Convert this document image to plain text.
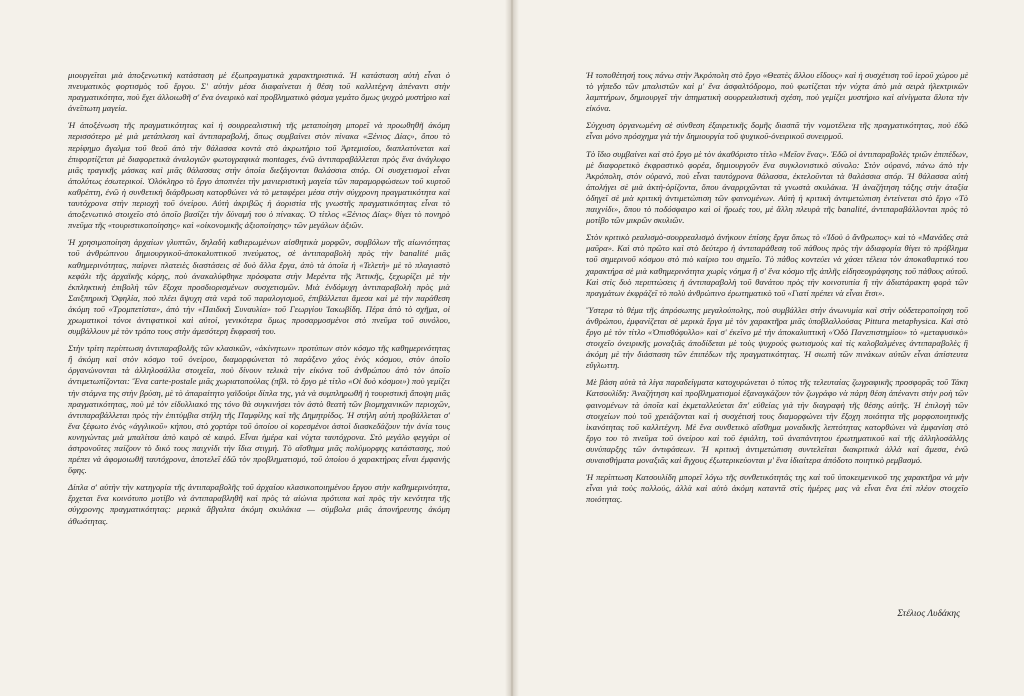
μιουργεῖται μιὰ ἀποξενωτικὴ κατάσταση μὲ ἐξωπραγματικὰ χαρακτηριστικά. Ἡ κατάσταση αὐτὴ εἶναι ὁ πνευματικὸς φορτισμὸς τοῦ ἔργου. Σ' αὐτὴν μέσα διαφαίνεται ἡ θέση τοῦ καλλιτέχνη ἀπέναντι στὴν πραγματικότητα, ποὺ ἔχει ἀλλοιωθῆ σ' ἕνα ὀνειρικὸ καὶ προβληματικὸ φάσμα γεμάτο ὅμως ψυχρὸ μυστήριο καὶ ἀνεῖπωτη μαγεία.

Ἡ ἀποξένωση τῆς πραγματικότητας καὶ ἡ σουρρεαλιστικὴ τῆς μεταποίηση μπορεῖ νὰ προωθηθῆ ἀκόμη περισσότερο μὲ μιὰ μετάπλαση καὶ ἀντιπαραβολή, ὅπως συμβαίνει στὸν πίνακα «Ξένιος Δίας», ὅπου τὸ περίφημο ἄγαλμα τοῦ θεοῦ ἀπὸ τὴν θάλασσα κοντὰ στὸ ἀκρωτήριο τοῦ Ἀρτεμισίου, διαπλατύνεται καὶ ἐπιφορτίζεται μὲ διαφορετικὰ ἀναλογιῶν φωτογραφικὰ montages, ἐνῶ ἀντιπαραβάλλεται πρὸς ἕνα ἀνάγλυφο μιᾶς τραγικῆς μάσκας καὶ μιᾶς θάλασσας στὴν ὁποία διεξάγονται θαλάσσια σπόρ. Οἱ συσχετισμοὶ εἶναι ἀπολύτως ἐσωτερικοί. Ὁλόκληρο τὸ ἔργο ἀποπνέει τὴν μανιεριστικὴ μαγεία τῶν παραμορφώσεων τοῦ κυρτοῦ καθρέπτη, ἐνῶ ἡ συνθετικὴ διάρθρωση κατορθώνει νὰ τὸ μεταφέρει μέσα στὴν σύγχρονη πραγματικότητα καὶ ταυτόχρονα στὴν περιοχὴ τοῦ ὀνείρου. Αὐτὴ ἀκριβῶς ἡ ἀοριστία τῆς γνωστῆς πραγματικότητας εἶναι τὸ ἀποξενωτικὸ στοιχεῖο στὸ ὁποῖο βασίζει τὴν δύναμή του ὁ πίνακας. Ὁ τίτλος «Ξένιος Δίας» θίγει τὸ πονηρὸ πνεῦμα τῆς «τουριστικοποίησης» καὶ «οἰκονομικῆς ἀξιοποίησης» τῶν μεγάλων ἀξιῶν.

Ἡ χρησιμοποίηση ἀρχαίων γλυπτῶν, δηλαδὴ καθιερωμένων αἰσθητικὰ μορφῶν, συμβόλων τῆς αἰωνιότητας τοῦ ἀνθρώπινου δημιουργικοῦ-ἀποκαλυπτικοῦ πνεύματος, σὲ ἀντιπαραβολὴ πρὸς τὴν banalité μιᾶς καθημερινότητας, παίρνει πλατειὲς διαστάσεις σὲ δυὸ ἄλλα ἔργα, ἀπὸ τὰ ὁποῖα ἡ «Τελετὴ» μὲ τὸ πλαγιαστὸ κεφάλι τῆς ἀρχαϊκῆς κόρης, ποὺ ἀνακαλύφθηκε πρόσφατα στὴν Μερέντα τῆς Ἀττικῆς, ξεχωρίζει μὲ τὴν ἐκπληκτικὴ ἐπιβολὴ τῶν ἔξοχα προσδιορισμένων συσχετισμῶν. Μιὰ ἐνδόμυχη ἀντιπαραβολὴ πρὸς μιὰ Σαιξπηρικὴ Ὀφηλία, ποὺ πλέει ἄψυχη στὰ νερά τοῦ παραλογισμοῦ, ἐπιβάλλεται ἄμεσα καὶ μὲ τὴν παράθεση ἀκόμη τοῦ «Τρομπετίστα», ἀπὸ τὴν «Παιδικὴ Συναυλία» τοῦ Γεωργίου Ἰακωβίδη. Πέρα ἀπὸ τὸ σχῆμα, οἱ χρωματικοὶ τόνοι ἀντιφατικοὶ καὶ αὐτοί, γενικότερα ὅμως προσαρμοσμένοι στὸ πνεῦμα τοῦ συνόλου, συμβάλλουν μὲ τὸν τρόπο τους στὴν ἀμεσότερη ἔκφρασή του.

Στὴν τρίτη περίπτωση ἀντιπαραβολῆς τῶν κλασικῶν, «ἀκίνητων» προτύπων στὸν κόσμο τῆς καθημερινότητας ἢ ἀκόμη καὶ στὸν κόσμο τοῦ ὀνείρου, διαμορφώνεται τὸ παράξενο χάος ἑνὸς κόσμου, στὸν ὁποῖο ὀργανώνονται τὰ ἀλληλοσάλλα στοιχεῖα, ποὺ δίνουν τελικὰ τὴν εἰκόνα τοῦ ἀνθρώπου ἀπὸ τὸν ὁποῖο ἀντιμετωπίζονται: Ἕνα carte-postale μιᾶς χωριατοπούλας (πβλ. τὸ ἔργο μὲ τίτλο «Οἱ δυὸ κόσμοι») ποὺ γεμίζει τὴν στάμνα της στὴν βρύση, μὲ τὸ ἀπαραίτητο γαϊδούρι δίπλα της, γιὰ νὰ συμπληρωθῆ ἡ τουριστικὴ ἄποψη μιᾶς πραγματικότητας, ποὺ μὲ τὸν εἰδυλλιακό της τόνο θὰ συγκινήσει τὸν ἀστὸ θεατὴ τῶν βιομηχανικῶν περιοχῶν, ἀντιπαραβάλλεται πρὸς τὴν ἐπιτύμβια στήλη τῆς Παμφίλης καὶ τῆς Δημητρίδος. Ἡ στήλη αὐτὴ προβάλλεται σ' ἕνα ξέφωτο ἑνὸς «ἀγγλικοῦ» κήπου, στὸ χορτάρι τοῦ ὁποίου οἱ κορεσμένοι ἀστοὶ διασκεδάζουν τὴν ἀνία τους κυνηγώντας μιὰ μπαλίτσα ἀπὸ καιρὸ σὲ καιρό. Εἶναι ἡμέρα καὶ νύχτα ταυτόχρονα. Στὸ μεγάλο φεγγάρι οἱ ἀστρονοῦτες παίζουν τὸ δικό τους παιχνίδι τὴν ἴδια στιγμή. Τὸ αἴσθημα μιᾶς πολύμορφης κατάστασης, ποὺ πρέπει νὰ ἀφομοιωθῆ ταυτόχρονα, ἀποτελεῖ ἐδῶ τὸν προβληματισμό, τοῦ ὁποίου ὁ χαρακτήρας εἶναι ἐμφανὴς ὕφης.

Δίπλα σ' αὐτὴν τὴν κατηγορία τῆς ἀντιπαραβολῆς τοῦ ἀρχαίου κλασικοποιημένου ἔργου στὴν καθημερινότητα, ἔρχεται ἕνα κοινότυπο μοτίβο νὰ ἀντιπαραβληθῆ καὶ πρὸς τὰ αἰώνια πρότυπα καὶ πρὸς τὴν κενότητα τῆς σύγχρονης πραγματικότητας: μερικὰ ἄβγαλτα ἀκόμη σκυλάκια — σύμβολα μιᾶς ἀπονήρευτης ἀκόμη ἀθωότητας.

Ἡ τοποθέτησή τους πάνω στὴν Ἀκρόπολη στὸ ἔργο «Θεατὲς ἄλλου εἴδους» καὶ ἡ συσχέτιση τοῦ ἱεροῦ χώρου μὲ τὸ γήπεδο τῶν μπαλιστῶν καὶ μ' ἕνα ἀσφαλτόδρομο, ποὺ φωτίζεται τὴν νύχτα ἀπὸ μιὰ σειρὰ ἠλεκτρικῶν λαμπτήρων, δημιουργεῖ τὴν ἀπηματικὴ σουρρεαλιστικὴ σχέση, ποὺ γεμίζει μυστήριο καὶ αἰνίγματα ἄλυτα τὴν εἰκόνα.

Σύγχυση ὀργανωμένη σὲ σύνθεση ἐξαιρετικῆς δομῆς διασπᾶ τὴν νομοτέλεια τῆς πραγματικότητας, ποὺ ἐδῶ εἶναι μόνο πρόσχημα γιὰ τὴν δημιουργία τοῦ ψυχικοῦ-ὀνειρικοῦ συνειρμοῦ.

Τὸ ἴδιο συμβαίνει καὶ στὸ ἔργο μὲ τὸν ἀκαθόριστο τίτλο «Μεῖον ἕνας». Ἐδῶ οἱ ἀντιπαραβολὲς τριῶν ἐπιπέδων, μὲ διαφορετικὸ ἐκφραστικὸ φορέα, δημιουργοῦν ἕνα συγκλονιστικὸ σύνολο: Στὸν οὐρανό, πάνω ἀπὸ τὴν Ἀκρόπολη, στὸν οὐρανό, ποὺ εἶναι ταυτόχρονα θάλασσα, ἐκτελοῦνται τὰ θαλάσσια σπόρ. Ἡ θάλασσα αὐτὴ ἀπολήγει σὲ μιὰ ἀκτὴ-ὁρίζοντα, ὅπου ἀναρριχῶνται τὰ γνωστὰ σκυλάκια. Ἡ ἀναζήτηση τάξης στὴν ἀταξία ὁδηγεῖ σὲ μιὰ κριτικὴ ἀντιμετώπιση τῶν φαινομένων. Αὐτὴ ἡ κριτικὴ ἀντιμετώπιση ἐντείνεται στὸ ἔργο «Τὸ παιχνίδι», ὅπου τὸ ποδόσφαιρο καὶ οἱ ἥρωές του, μὲ ἄλλη πλευρὰ τῆς banalité, ἀντιπαραβάλλονται πρὸς τὸ μοτίβο τῶν μικρῶν σκυλιῶν.

Στὸν κριτικὸ ρεαλισμὸ-σουρρεαλισμὸ ἀνήκουν ἐπίσης ἔργα ὅπως τὸ «Ἰδοὺ ὁ ἄνθρωπος» καὶ τὸ «Μανάδες στὰ μαῦρα». Καὶ στὸ πρῶτο καὶ στὸ δεύτερο ἡ ἀντιπαράθεση τοῦ πάθους πρὸς τὴν ἀδιαφορία θίγει τὸ πρόβλημα τοῦ σημερινοῦ κόσμου στὸ πιὸ καίριο του σημεῖο. Τὸ πάθος κοντεύει νὰ χάσει τέλεια τὸν ἀποκαθαρτικό του χαρακτήρα σὲ μιὰ καθημερινότητα χωρὶς νόημα ἢ σ' ἕνα κόσμο τῆς ἁπλῆς εἰδησεογράφησης τοῦ πάθους αὐτοῦ. Καὶ στὶς δυὸ περιπτώσεις ἡ ἀντιπαραβολὴ τοῦ θανάτου πρὸς τὴν κοινοτυπία ἢ τὴν ἀδιατάρακτη φορὰ τῶν πραγμάτων ἐκφράζεῖ τὸ πολὺ ἀνθρώπινο ἐρωτηματικὸ τοῦ «Γιατί πρέπει νὰ εἶναι ἔτσι».

Ὕστερα τὸ θέμα τῆς ἀπρόσωπης μεγαλούπολης, ποὺ συμβάλλει στὴν ἀνωνυμία καὶ στὴν οὐδετεροποίηση τοῦ ἀνθρώπου, ἐμφανίζεται σὲ μερικὰ ἔργα μὲ τὸν χαρακτῆρα μιᾶς ὑποβλαλλούσας Pittura metaphysica. Καὶ στὸ ἔργο μὲ τὸν τίτλο «Ὀπισθόφυλλο» καὶ σ' ἐκεῖνο μὲ τὴν ἀποκαλυπτικὴ «Ὁδὸ Πανεπιστημίου» τὸ «μεταφυσικὸ» στοιχεῖο ὀνειρικῆς μοναξιᾶς ἀποδίδεται μὲ τοὺς ψυχροὺς φωτισμοὺς καὶ τὶς καλοβαλμένες ἀντιπαραβολὲς ἢ ἀκόμη μὲ τὴν διάσπαση τῶν ἐπιπέδων τῆς πραγματικότητας. Ἡ σιωπὴ τῶν πινάκων αὐτῶν εἶναι ἀπίστευτα εὔγλωττη.

Μὲ βάση αὐτὰ τὰ λίγα παραδείγματα κατοχυρώνεται ὁ τύπος τῆς τελευταίας ζωγραφικῆς προσφορᾶς τοῦ Τάκη Κατσουλίδη: Ἀναζήτηση καὶ προβληματισμοὶ ἐξαναγκάζουν τὸν ζωγράφο νὰ πάρη θέση ἀπέναντι στὴν ροὴ τῶν φαινομένων τὰ ὁποῖα καὶ ἐκμεταλλεύεται ἄπ' εὐθείας γιὰ τὴν διαγραφὴ τῆς θέσης αὐτῆς. Ἡ ἐπιλογὴ τῶν στοιχείων ποὺ τοῦ χρειάζονται καὶ ἡ συσχέτισή τους διαμορφώνει τὴν ἔξοχη ποιότητα τῆς μορφοποιητικῆς ἱκανότητας τοῦ καλλιτέχνη. Μὲ ἕνα συνθετικὸ αἴσθημα μοναδικῆς λεπτότητας κατορθώνει νὰ ἐμφανίση στὸ ἔργο του τὸ πνεῦμα τοῦ ὀνείρου καὶ τοῦ ἐφιάλτη, τοῦ ἀναπάντητου ἐρωτηματικοῦ καὶ τῆς ἀλληλοσάλλης συνύπαρξης τῶν ἀντιφάσεων. Ἡ κριτικὴ ἀντιμετώπιση συντελεῖται διακριτικὰ ἀλλὰ καὶ ἄμεσα, ἐνῶ συναισθήματα μοναξιᾶς καὶ ἄγχους ἐξωτερικεύονται μ' ἕνα ἰδιαίτερα ἀπόδοτο ποιητικὸ ρεμβασμό.

Ἡ περίπτωση Κατσουλίδη μπορεῖ λόγω τῆς συνθετικότητάς της καὶ τοῦ ὑποκειμενικοῦ της χαρακτῆρα νὰ μὴν εἶναι γιὰ τοὺς πολλούς, ἀλλὰ καὶ αὐτὸ ἀκόμη καταντᾶ στὶς ἡμέρες μας νὰ εἶναι ἕνα ἐπὶ πλέον στοιχεῖο ποιότητας.

Στέλιος Λυδάκης
